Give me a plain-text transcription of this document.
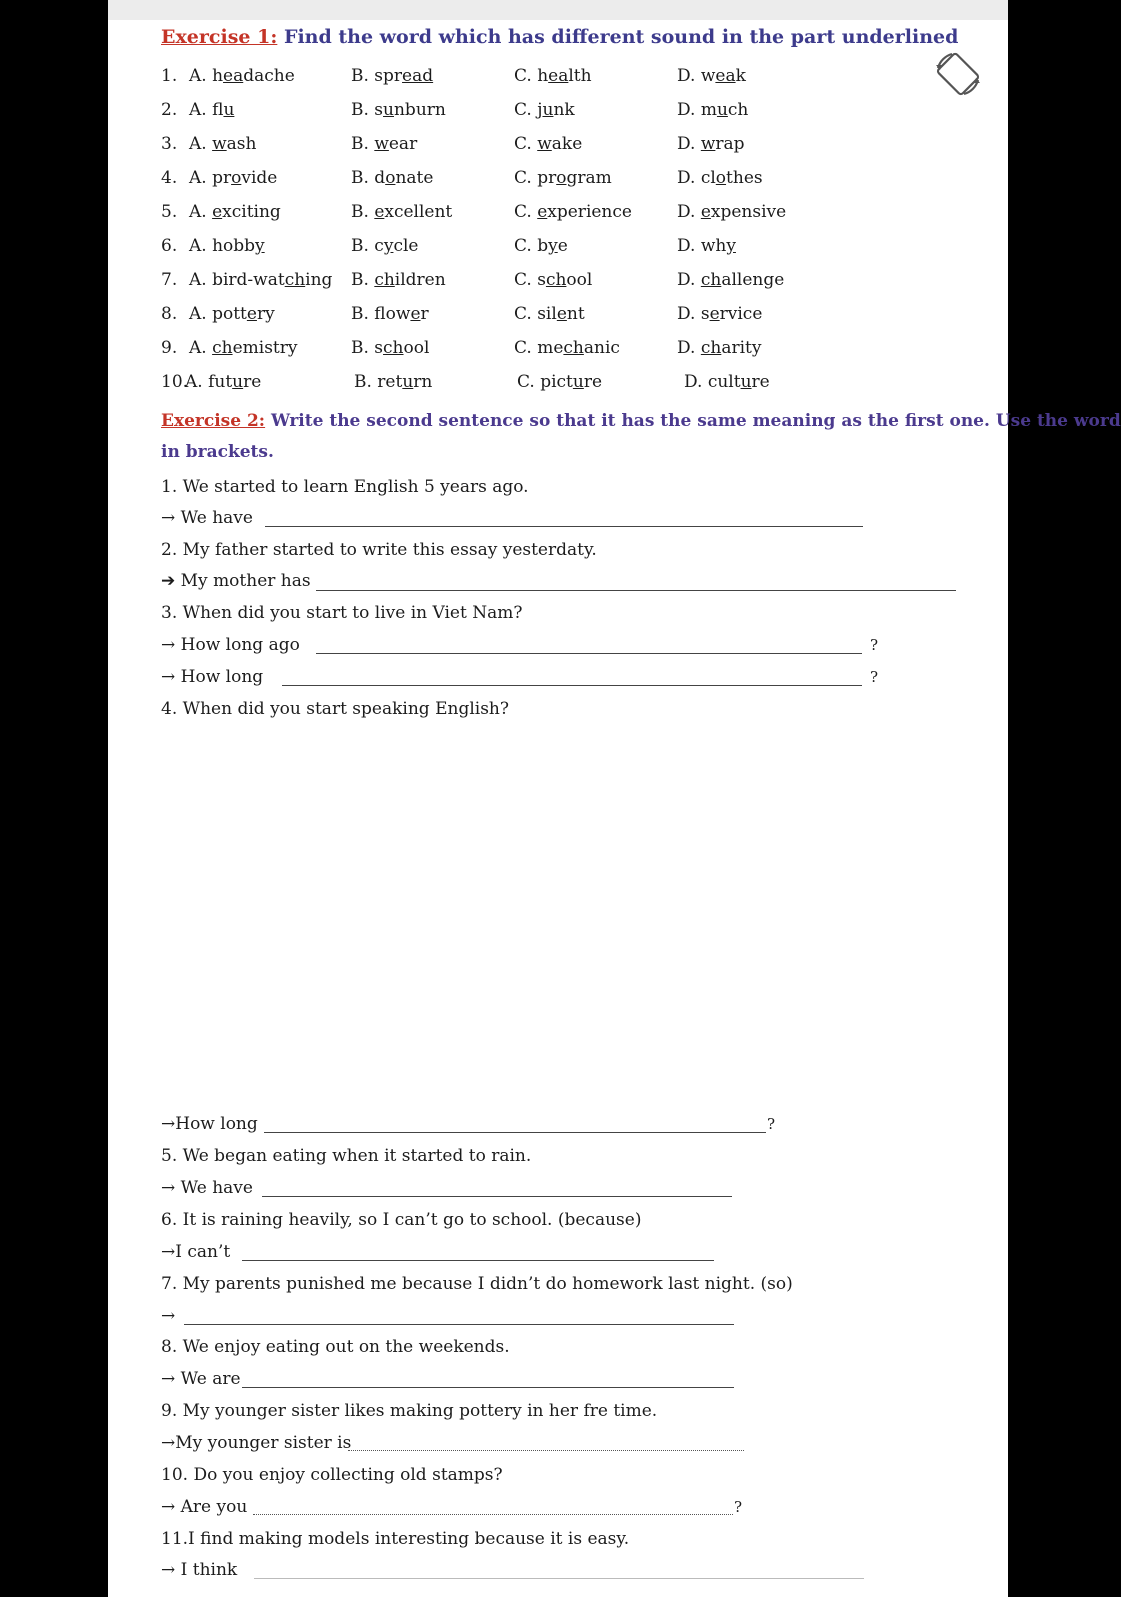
Exercise 1: Find the word which has different sound in the part underlined
1. A. headache	B. spread	C. health	D. weak
2. A. flu	B. sunburn	C. junk	D. much
3. A. wash	B. wear	C. wake	D. wrap
4. A. provide	B. donate	C. program	D. clothes
5. A. exciting	B. excellent	C. experience	D. expensive
6. A. hobby	B. cycle	C. bye	D. why
7. A. bird-watching B. children	C. school	D. challenge
8. A. pottery	B. flower	C. silent	D. service
9. A. chemistry	B. school	C. mechanic	D. charity
10.
A. future	B. return	C. picture	D. culture
Exercise 2: Write the second sentence so that it has the same meaning as the first one. Use the word
in brackets.
1. We started to learn English 5 years ago.
→ We have
2. My father started to write this essay yesterdaty.
➔ My mother has
3. When did you start to live in Viet Nam?
→ How long ago	?
→ How long	?
4. When did you start speaking English?
→How long	?
5. We began eating when it started to rain.
→ We have
6. It is raining heavily, so I can’t go to school. (because)
→I can’t
7. My parents punished me because I didn’t do homework last night. (so)
→
8. We enjoy eating out on the weekends.
→ We are
9. My younger sister likes making pottery in her fre time.
→My younger sister is
10. Do you enjoy collecting old stamps?
→ Are you	?
11.I find making models interesting because it is easy.
→ I think
